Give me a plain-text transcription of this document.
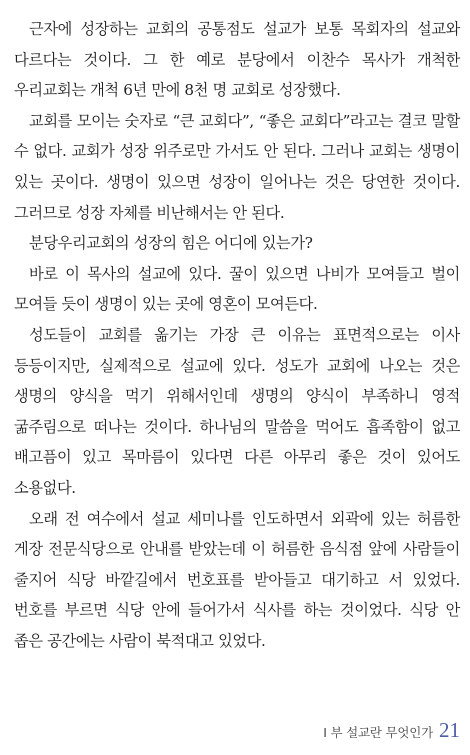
근자에 성장하는 교회의 공통점도 설교가 보통 목회자의 설교와 다르다는 것이다. 그 한 예로 분당에서 이찬수 목사가 개척한 우리교회는 개척 6년 만에 8천 명 교회로 성장했다.

교회를 모이는 숫자로 “큰 교회다”, “좋은 교회다”라고는 결코 말할 수 없다. 교회가 성장 위주로만 가서도 안 된다. 그러나 교회는 생명이 있는 곳이다. 생명이 있으면 성장이 일어나는 것은 당연한 것이다. 그러므로 성장 자체를 비난해서는 안 된다.

분당우리교회의 성장의 힘은 어디에 있는가?

바로 이 목사의 설교에 있다. 꿀이 있으면 나비가 모여들고 벌이 모여들 듯이 생명이 있는 곳에 영혼이 모여든다.

성도들이 교회를 옮기는 가장 큰 이유는 표면적으로는 이사 등등이지만, 실제적으로 설교에 있다. 성도가 교회에 나오는 것은 생명의 양식을 먹기 위해서인데 생명의 양식이 부족하니 영적 굶주림으로 떠나는 것이다. 하나님의 말씀을 먹어도 흡족함이 없고 배고픔이 있고 목마름이 있다면 다른 아무리 좋은 것이 있어도 소용없다.

오래 전 여수에서 설교 세미나를 인도하면서 외곽에 있는 허름한 게장 전문식당으로 안내를 받았는데 이 허름한 음식점 앞에 사람들이 줄지어 식당 바깥길에서 번호표를 받아들고 대기하고 서 있었다. 번호를 부르면 식당 안에 들어가서 식사를 하는 것이었다. 식당 안 좁은 공간에는 사람이 북적대고 있었다.

I 부 설교란 무엇인가 21
